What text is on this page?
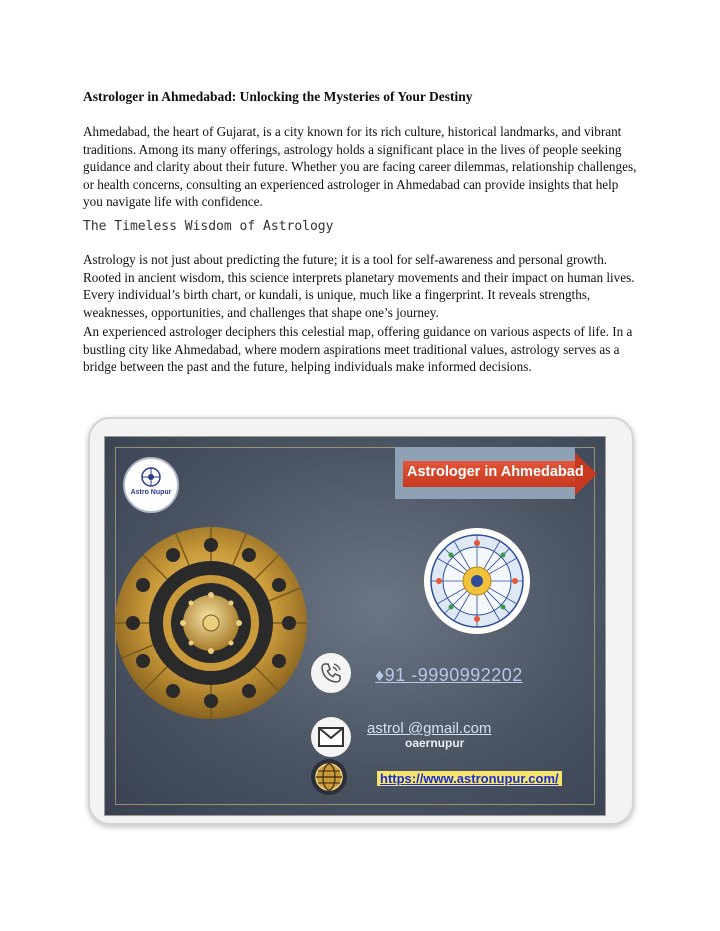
Astrologer in Ahmedabad: Unlocking the Mysteries of Your Destiny

Ahmedabad, the heart of Gujarat, is a city known for its rich culture, historical landmarks, and vibrant traditions. Among its many offerings, astrology holds a significant place in the lives of people seeking guidance and clarity about their future. Whether you are facing career dilemmas, relationship challenges, or health concerns, consulting an experienced astrologer in Ahmedabad can provide insights that help you navigate life with confidence.

The Timeless Wisdom of Astrology

Astrology is not just about predicting the future; it is a tool for self-awareness and personal growth. Rooted in ancient wisdom, this science interprets planetary movements and their impact on human lives. Every individual’s birth chart, or kundali, is unique, much like a fingerprint. It reveals strengths, weaknesses, opportunities, and challenges that shape one’s journey.

An experienced astrologer deciphers this celestial map, offering guidance on various aspects of life. In a bustling city like Ahmedabad, where modern aspirations meet traditional values, astrology serves as a bridge between the past and the future, helping individuals make informed decisions.

Astro Nupur
Astrologer in Ahmedabad
♦91 -9990992202
astrol @gmail.com
oaernupur
https://www.astronupur.com/
